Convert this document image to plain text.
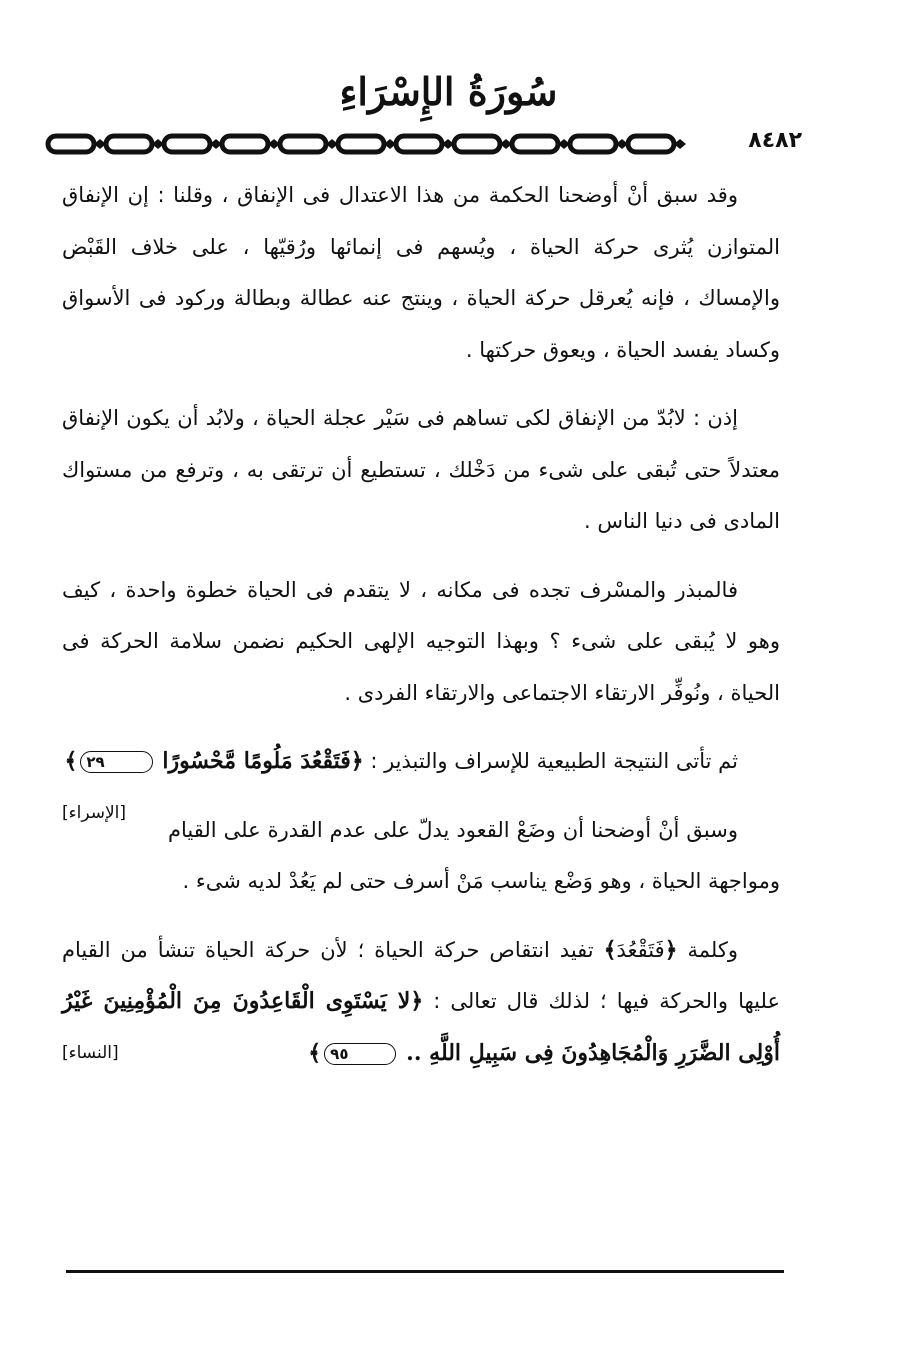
سُورَةُ الإِسْرَاءِ
٨٤٨٢

وقد سبق أنْ أوضحنا الحكمة من هذا الاعتدال فى الإنفاق ، وقلنا : إن الإنفاق المتوازن يُثرى حركة الحياة ، ويُسهم فى إنمائها ورُقيّها ، على خلاف القَبْض والإمساك ، فإنه يُعرقل حركة الحياة ، وينتج عنه عطالة وبطالة وركود فى الأسواق وكساد يفسد الحياة ، ويعوق حركتها .

إذن : لابُدّ من الإنفاق لكى تساهم فى سَيْر عجلة الحياة ، ولابُد أن يكون الإنفاق معتدلاً حتى تُبقى على شىء من دَخْلك ، تستطيع أن ترتقى به ، وترفع من مستواك المادى فى دنيا الناس .

فالمبذر والمسْرف تجده فى مكانه ، لا يتقدم فى الحياة خطوة واحدة ، كيف وهو لا يُبقى على شىء ؟ وبهذا التوجيه الإلهى الحكيم نضمن سلامة الحركة فى الحياة ، ونُوفِّر الارتقاء الاجتماعى والارتقاء الفردى .

ثم تأتى النتيجة الطبيعية للإسراف والتبذير : ﴿فَتَقْعُدَ مَلُومًا مَّحْسُورًا ٢٩﴾
[الإسراء]

وسبق أنْ أوضحنا أن وضَعْ القعود يدلّ على عدم القدرة على القيام ومواجهة الحياة ، وهو وَضْع يناسب مَنْ أسرف حتى لم يَعُدْ لديه شىء .

وكلمة ﴿فَتَقْعُدَ﴾ تفيد انتقاص حركة الحياة ؛ لأن حركة الحياة تنشأ من القيام عليها والحركة فيها ؛ لذلك قال تعالى : ﴿لا يَسْتَوِى الْقَاعِدُونَ مِنَ الْمُؤْمِنِينَ غَيْرُ أُوْلِى الضَّرَرِ وَالْمُجَاهِدُونَ فِى سَبِيلِ اللَّهِ .. ٩٥﴾
[النساء]
